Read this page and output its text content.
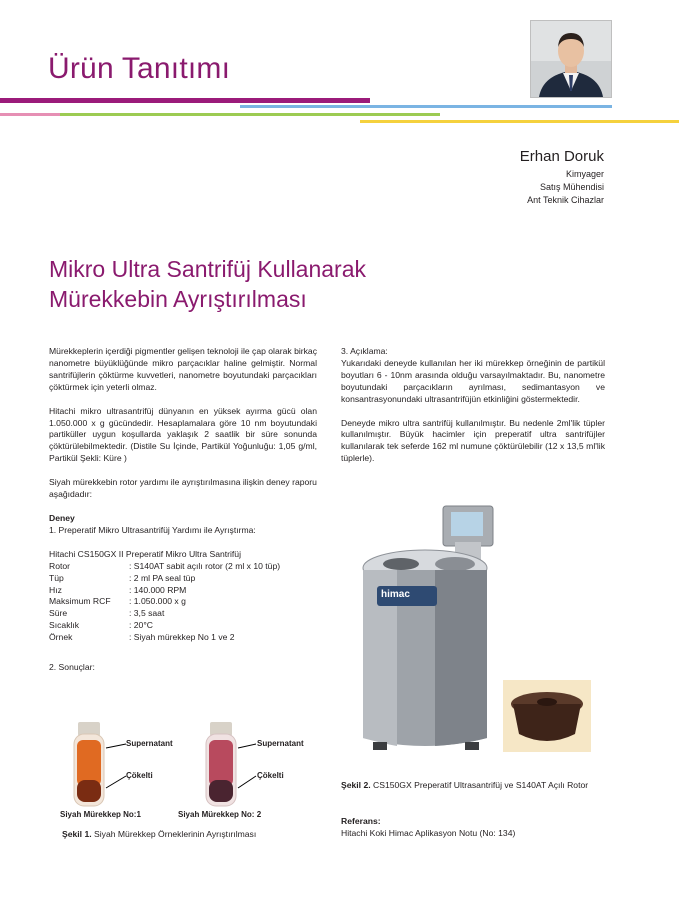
Ürün Tanıtımı
Erhan Doruk
Kimyager
Satış Mühendisi
Ant Teknik Cihazlar
Mikro Ultra Santrifüj Kullanarak
Mürekkebin Ayrıştırılması

Mürekkeplerin içerdiği pigmentler gelişen teknoloji ile çap olarak birkaç nanometre büyüklüğünde mikro parçacıklar haline gelmiştir. Normal santrifüjlerin çöktürme kuvvetleri, nanometre boyutundaki parçacıkları çöktürmek için yeterli olmaz.

Hitachi mikro ultrasantrifüj dünyanın en yüksek ayırma gücü olan 1.050.000 x g gücündedir. Hesaplamalara göre 10 nm boyutundaki partiküller uygun koşullarda yaklaşık 2 saatlik bir süre sonunda çöktürülebilmektedir. (Distile Su İçinde, Partikül Yoğunluğu: 1,05 g/ml, Partikül Şekli: Küre )

Siyah mürekkebin rotor yardımı ile ayrıştırılmasına ilişkin deney raporu aşağıdadır:

Deney
1. Preperatif Mikro Ultrasantrifüj Yardımı ile Ayrıştırma:
Hitachi CS150GX II Preperatif Mikro Ultra Santrifüj
Rotor	: S140AT sabit açılı rotor (2 ml x 10 tüp)
Tüp	: 2 ml PA seal tüp
Hız	: 140.000 RPM
Maksimum RCF	: 1.050.000 x g
Süre	: 3,5 saat
Sıcaklık	: 20°C
Örnek	: Siyah mürekkep No 1 ve 2
2. Sonuçlar:
Supernatant
Çökelti
Supernatant
Çökelti
Siyah Mürekkep No:1	Siyah Mürekkep No: 2
Şekil 1. Siyah Mürekkep Örneklerinin Ayrıştırılması
3. Açıklama:

Yukarıdaki deneyde kullanılan her iki mürekkep örneğinin de partikül boyutları 6 - 10nm arasında olduğu varsayılmaktadır. Bu, nanometre boyutundaki parçacıkların ayrılması, sedimantasyon ve konsantrasyonundaki ultrasantrifüjün etkinliğini göstermektedir.

Deneyde mikro ultra santrifüj kullanılmıştır. Bu nedenle 2ml'lik tüpler kullanılmıştır. Büyük hacimler için preperatif ultra santrifüjler kullanılarak tek seferde 162 ml numune çöktürülebilir (12 x 13,5 ml'lik tüplerle).

himac
Şekil 2. CS150GX Preperatif Ultrasantrifüj ve S140AT Açılı Rotor
Referans:
Hitachi Koki Himac Aplikasyon Notu (No: 134)
